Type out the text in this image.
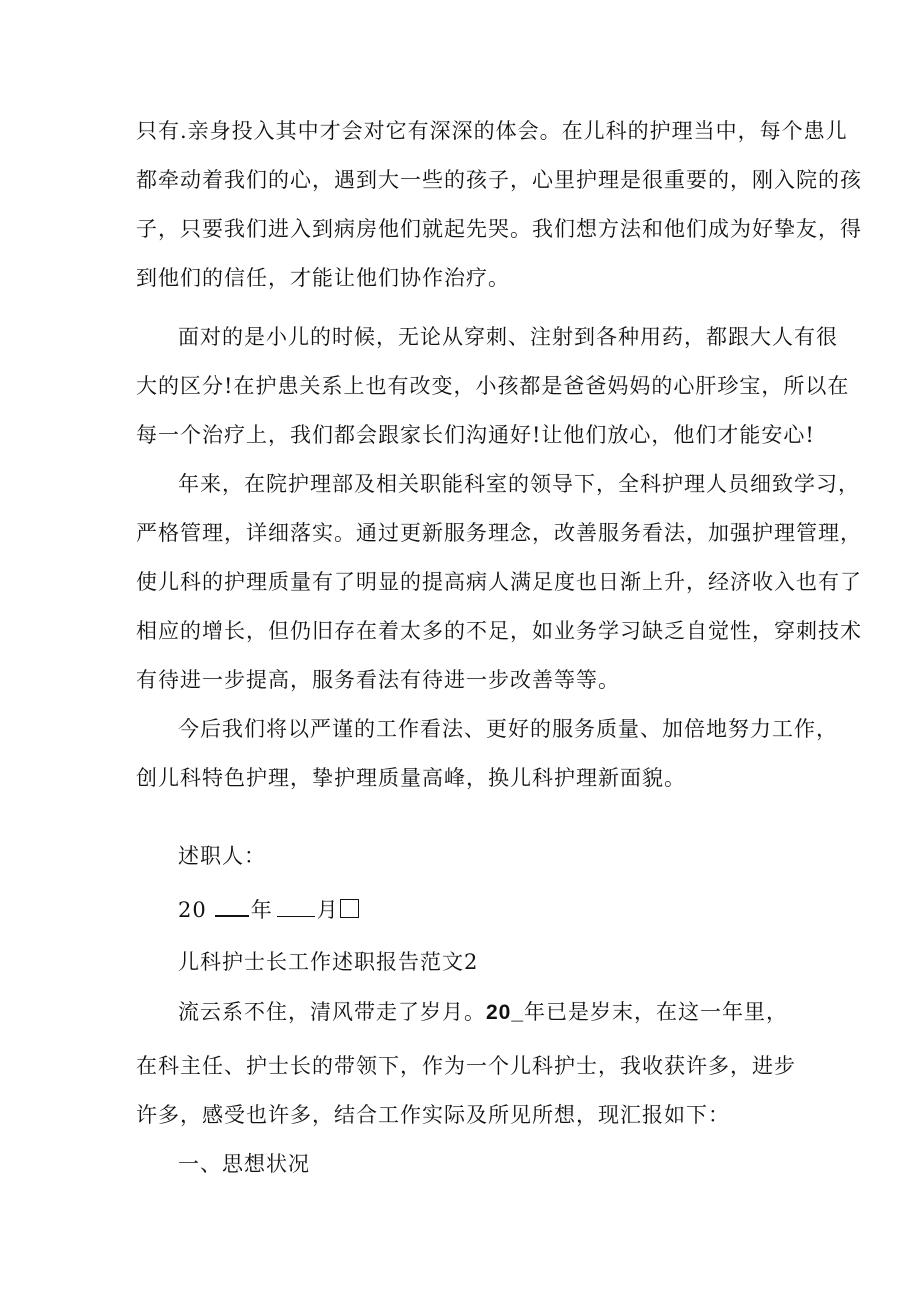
只有.亲身投入其中才会对它有深深的体会。在儿科的护理当中，每个患儿
都牵动着我们的心，遇到大一些的孩子，心里护理是很重要的，刚入院的孩
子，只要我们进入到病房他们就起先哭。我们想方法和他们成为好挚友，得
到他们的信任，才能让他们协作治疗。
面对的是小儿的时候，无论从穿刺、注射到各种用药，都跟大人有很
大的区分!在护患关系上也有改变，小孩都是爸爸妈妈的心肝珍宝，所以在
每一个治疗上，我们都会跟家长们沟通好!让他们放心，他们才能安心!
年来，在院护理部及相关职能科室的领导下，全科护理人员细致学习，
严格管理，详细落实。通过更新服务理念，改善服务看法，加强护理管理，
使儿科的护理质量有了明显的提高病人满足度也日渐上升，经济收入也有了
相应的增长，但仍旧存在着太多的不足，如业务学习缺乏自觉性，穿刺技术
有待进一步提高，服务看法有待进一步改善等等。
今后我们将以严谨的工作看法、更好的服务质量、加倍地努力工作，
创儿科特色护理，挚护理质量高峰，换儿科护理新面貌。
述职人：
20 年 月
儿科护士长工作述职报告范文2
流云系不住，清风带走了岁月。20_年已是岁末，在这一年里，
在科主任、护士长的带领下，作为一个儿科护士，我收获许多，进步
许多，感受也许多，结合工作实际及所见所想，现汇报如下：
一、思想状况
